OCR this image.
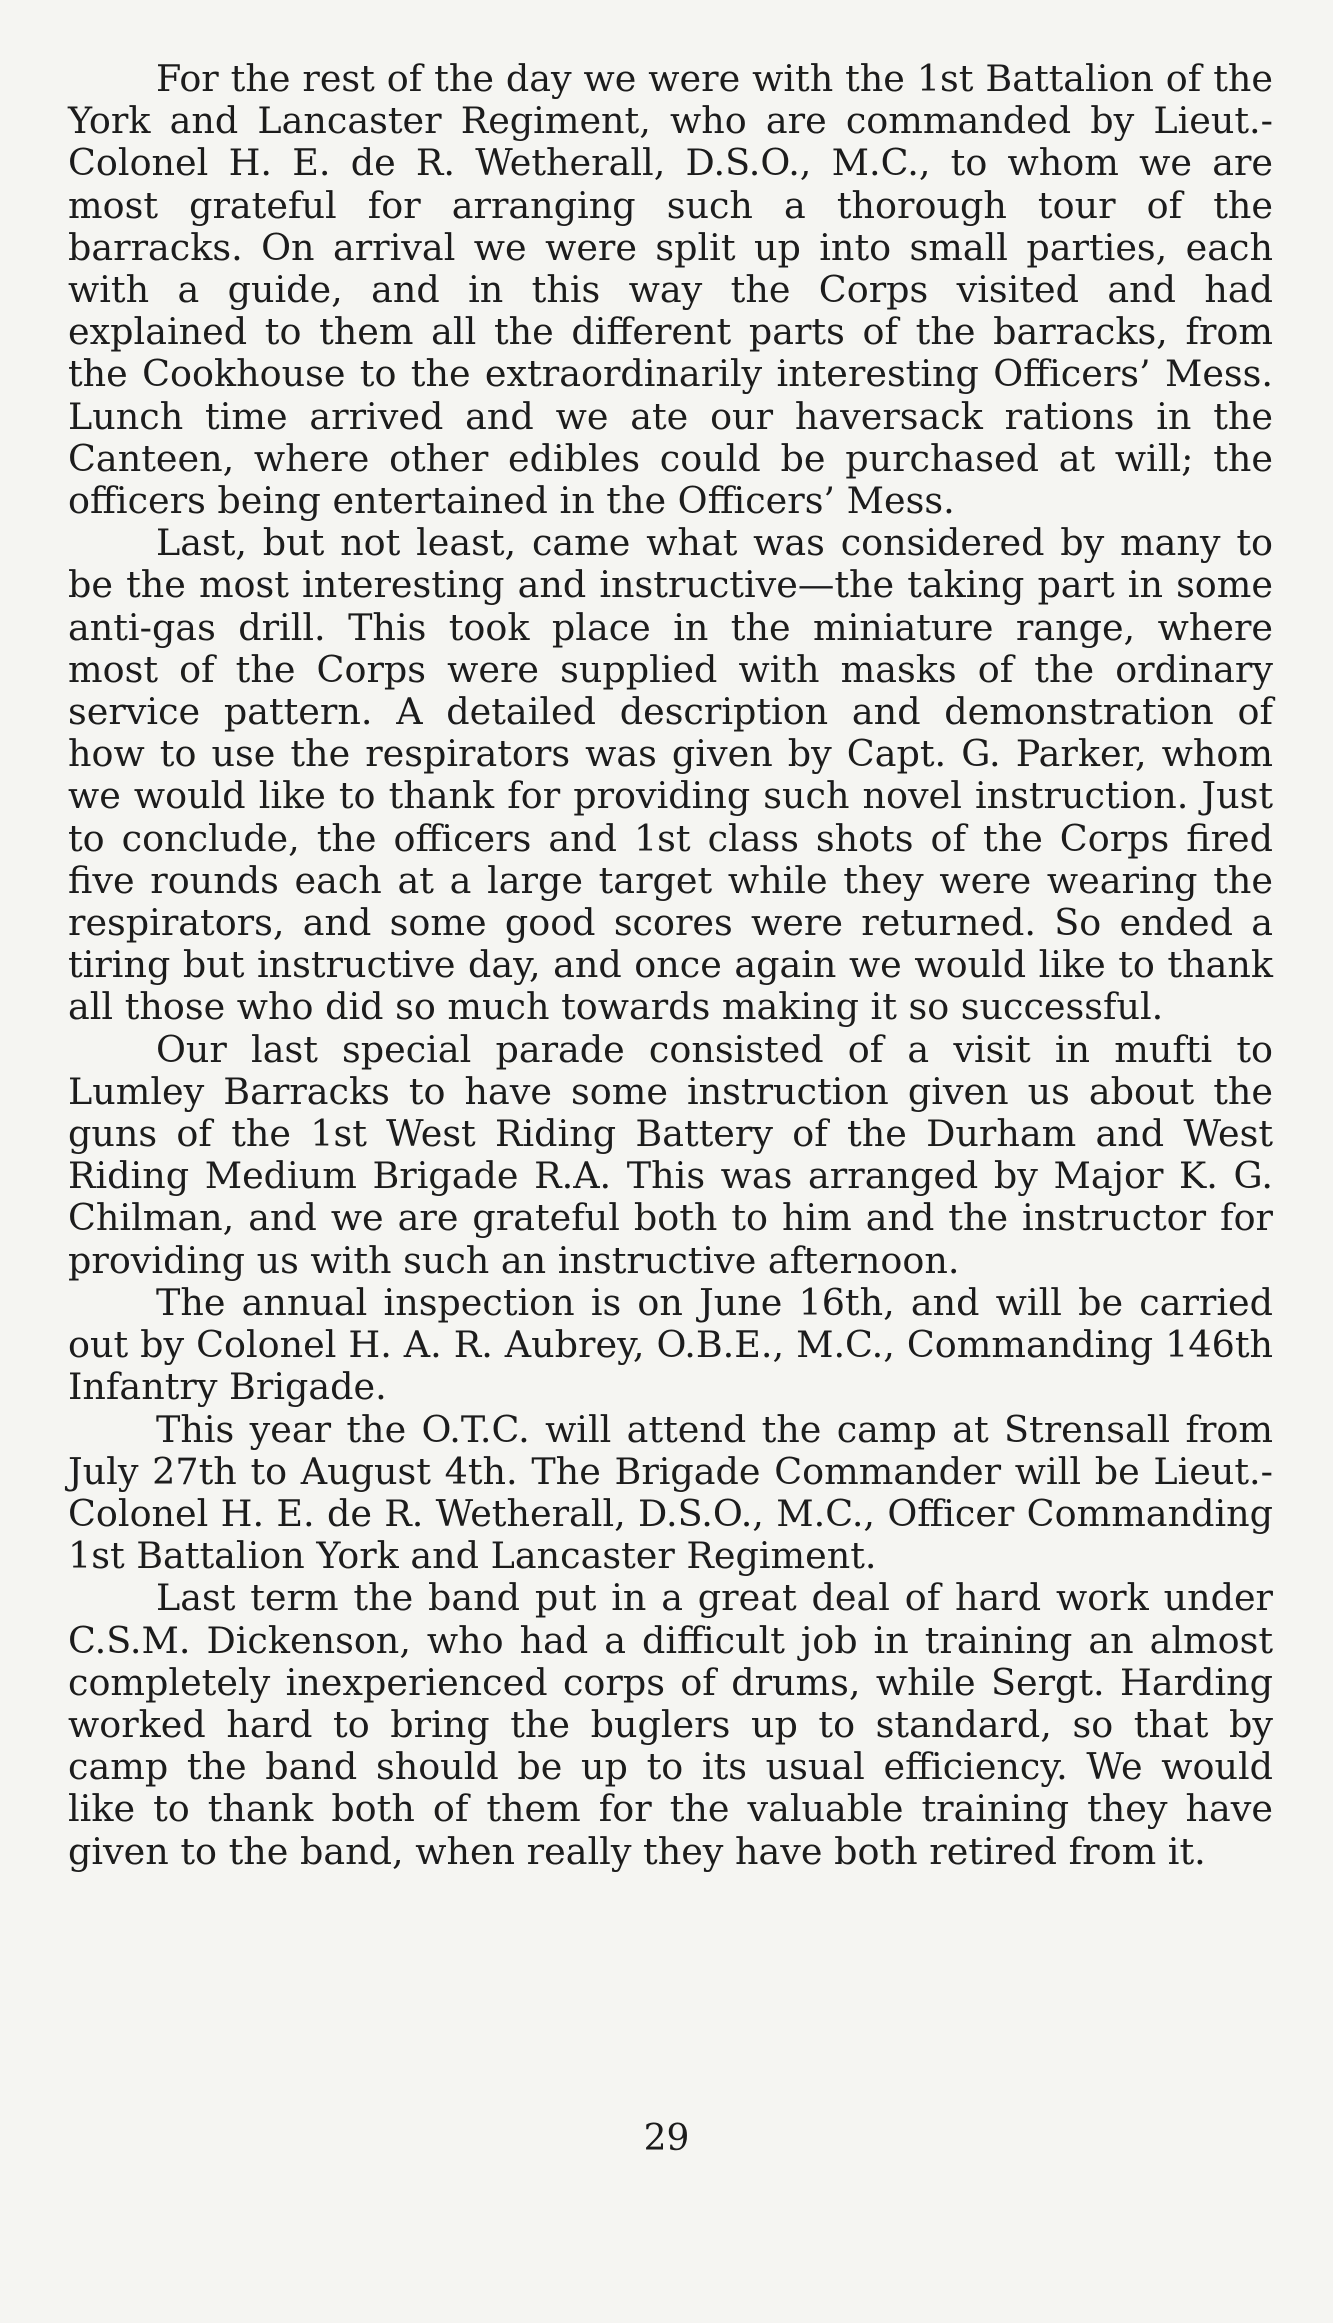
For the rest of the day we were with the 1st Battalion of the York and Lancaster Regiment, who are commanded by Lieut.-Colonel H. E. de R. Wetherall, D.S.O., M.C., to whom we are most grateful for arranging such a thorough tour of the barracks. On arrival we were split up into small parties, each with a guide, and in this way the Corps visited and had explained to them all the different parts of the barracks, from the Cookhouse to the extraordinarily interesting Officers’ Mess. Lunch time arrived and we ate our haversack rations in the Canteen, where other edibles could be purchased at will; the officers being entertained in the Officers’ Mess.

Last, but not least, came what was considered by many to be the most interesting and instructive—the taking part in some anti-gas drill. This took place in the miniature range, where most of the Corps were supplied with masks of the ordinary service pattern. A detailed description and demonstration of how to use the respirators was given by Capt. G. Parker, whom we would like to thank for providing such novel instruction. Just to conclude, the officers and 1st class shots of the Corps fired five rounds each at a large target while they were wearing the respirators, and some good scores were returned. So ended a tiring but instructive day, and once again we would like to thank all those who did so much towards making it so successful.

Our last special parade consisted of a visit in mufti to Lumley Barracks to have some instruction given us about the guns of the 1st West Riding Battery of the Durham and West Riding Medium Brigade R.A. This was arranged by Major K. G. Chilman, and we are grateful both to him and the instructor for providing us with such an instructive afternoon.

The annual inspection is on June 16th, and will be carried out by Colonel H. A. R. Aubrey, O.B.E., M.C., Commanding 146th Infantry Brigade.

This year the O.T.C. will attend the camp at Strensall from July 27th to August 4th. The Brigade Commander will be Lieut.-Colonel H. E. de R. Wetherall, D.S.O., M.C., Officer Commanding 1st Battalion York and Lancaster Regiment.

Last term the band put in a great deal of hard work under C.S.M. Dickenson, who had a difficult job in training an almost completely inexperienced corps of drums, while Sergt. Harding worked hard to bring the buglers up to standard, so that by camp the band should be up to its usual efficiency. We would like to thank both of them for the valuable training they have given to the band, when really they have both retired from it.

29
